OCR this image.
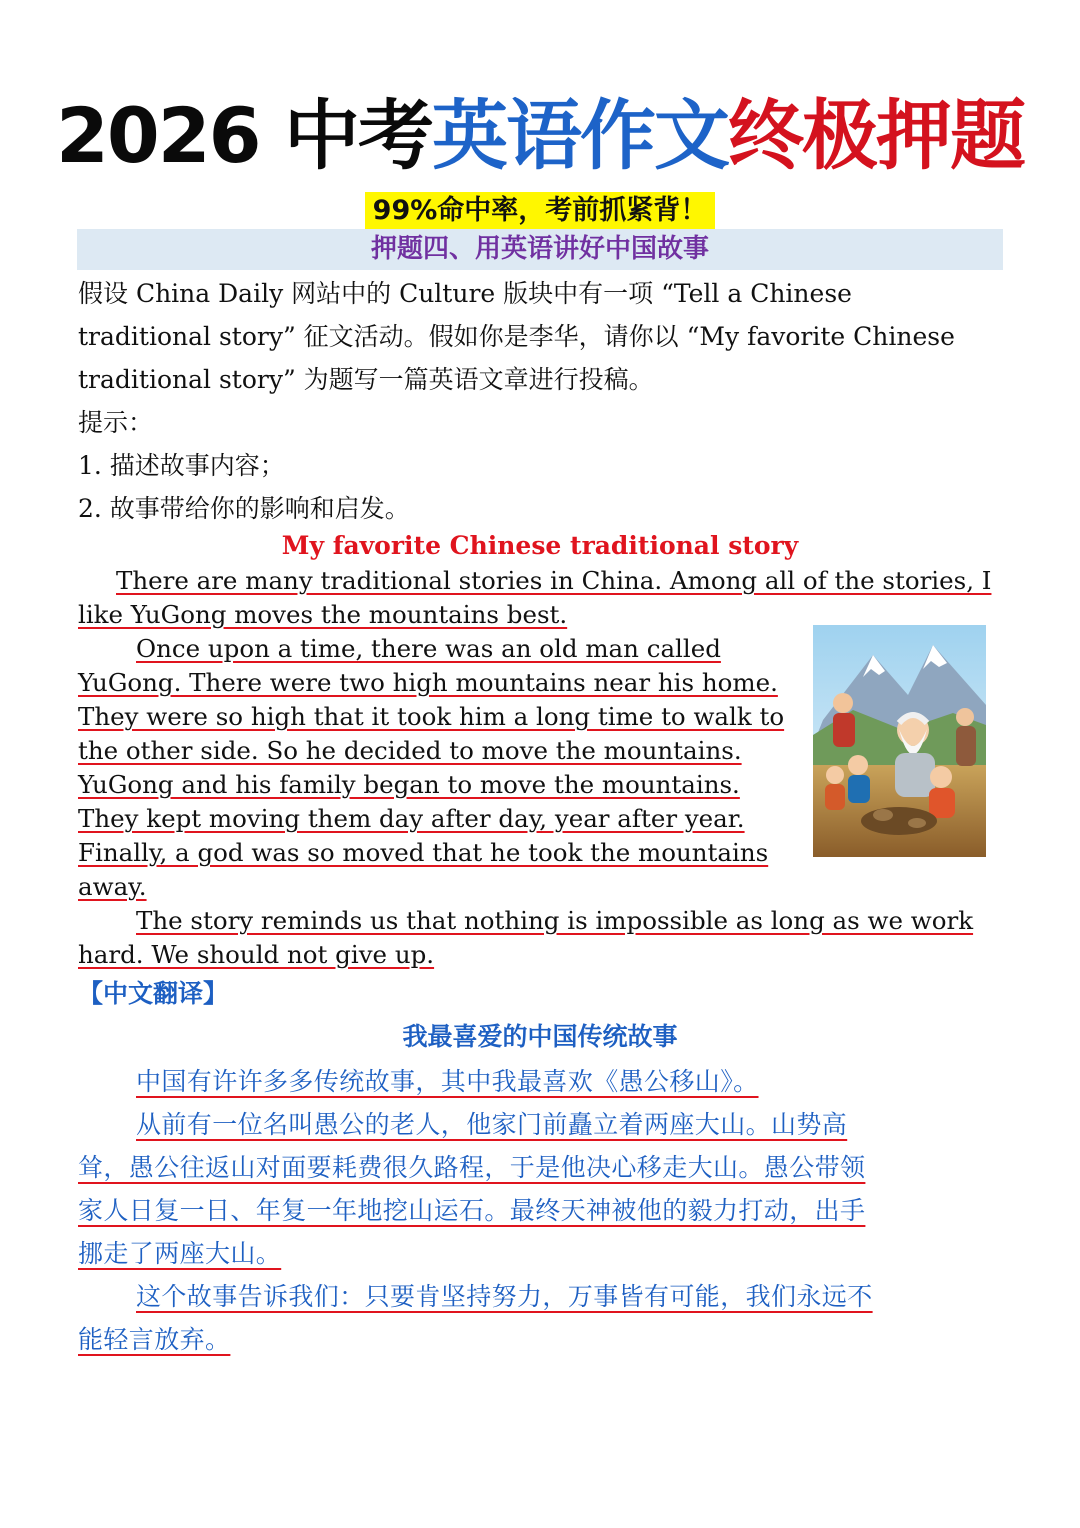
2026 中考英语作文终极押题
99%命中率，考前抓紧背！
押题四、用英语讲好中国故事

假设 China Daily 网站中的 Culture 版块中有一项 “Tell a Chinese

traditional story” 征文活动。假如你是李华，请你以 “My favorite Chinese

traditional story” 为题写一篇英语文章进行投稿。

提示：

1. 描述故事内容；

2. 故事带给你的影响和启发。

My favorite Chinese traditional story

There are many traditional stories in China. Among all of the stories, I

like YuGong moves the mountains best.

Once upon a time, there was an old man called

YuGong. There were two high mountains near his home.

They were so high that it took him a long time to walk to

the other side. So he decided to move the mountains.

YuGong and his family began to move the mountains.

They kept moving them day after day, year after year.

Finally, a god was so moved that he took the mountains

away.

The story reminds us that nothing is impossible as long as we work

hard. We should not give up.

【中文翻译】
我最喜爱的中国传统故事

中国有许许多多传统故事，其中我最喜欢《愚公移山》。

从前有一位名叫愚公的老人，他家门前矗立着两座大山。山势高

耸，愚公往返山对面要耗费很久路程，于是他决心移走大山。愚公带领

家人日复一日、年复一年地挖山运石。最终天神被他的毅力打动，出手

挪走了两座大山。

这个故事告诉我们：只要肯坚持努力，万事皆有可能，我们永远不

能轻言放弃。
